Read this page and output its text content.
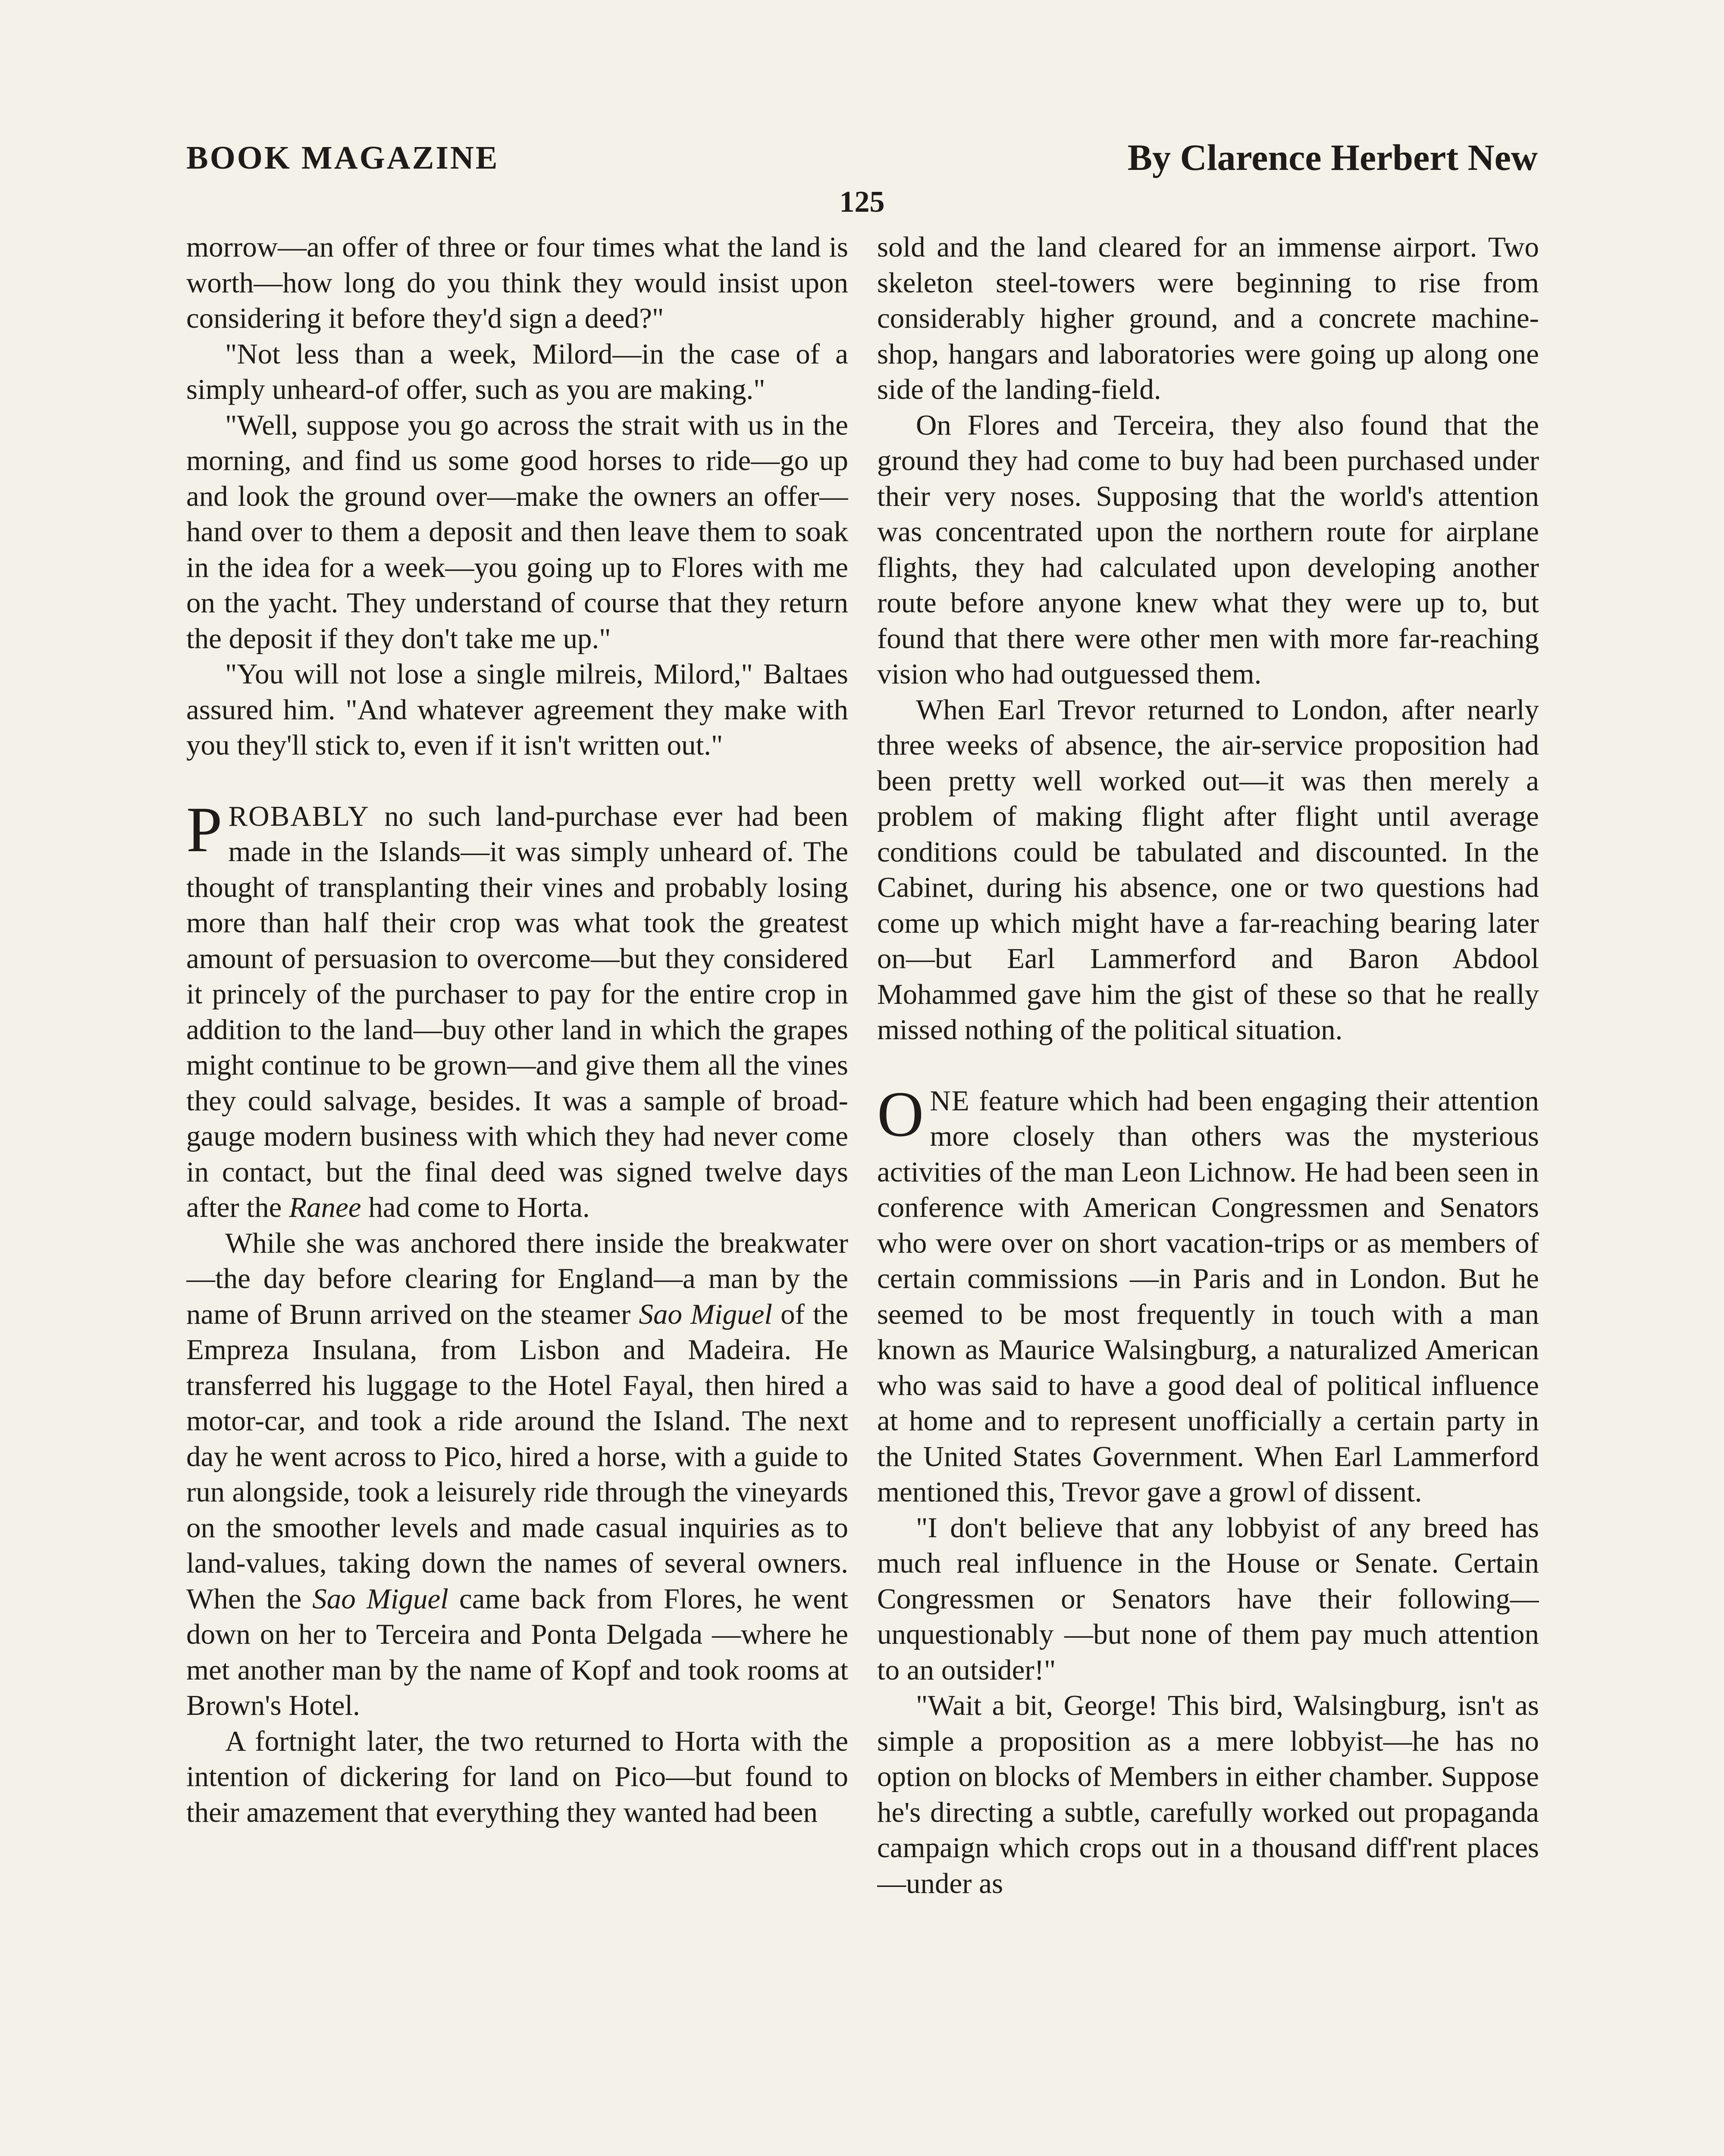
BOOK MAGAZINE	By Clarence Herbert New
125

morrow—an offer of three or four times what the land is worth—how long do you think they would insist upon considering it before they'd sign a deed?"

"Not less than a week, Milord—in the case of a simply unheard-of offer, such as you are making."

"Well, suppose you go across the strait with us in the morning, and find us some good horses to ride—go up and look the ground over—make the owners an offer—hand over to them a deposit and then leave them to soak in the idea for a week—you going up to Flores with me on the yacht. They understand of course that they return the deposit if they don't take me up."

"You will not lose a single milreis, Milord," Baltaes assured him. "And whatever agreement they make with you they'll stick to, even if it isn't written out."

PROBABLY no such land-purchase ever had been made in the Islands—it was simply unheard of. The thought of transplanting their vines and probably losing more than half their crop was what took the greatest amount of persuasion to overcome—but they considered it princely of the purchaser to pay for the entire crop in addition to the land—buy other land in which the grapes might continue to be grown—and give them all the vines they could salvage, besides. It was a sample of broad-gauge modern business with which they had never come in contact, but the final deed was signed twelve days after the Ranee had come to Horta.

While she was anchored there inside the breakwater—the day before clearing for England—a man by the name of Brunn arrived on the steamer Sao Miguel of the Empreza Insulana, from Lisbon and Madeira. He transferred his luggage to the Hotel Fayal, then hired a motor-car, and took a ride around the Island. The next day he went across to Pico, hired a horse, with a guide to run alongside, took a leisurely ride through the vineyards on the smoother levels and made casual inquiries as to land-values, taking down the names of several owners. When the Sao Miguel came back from Flores, he went down on her to Terceira and Ponta Delgada —where he met another man by the name of Kopf and took rooms at Brown's Hotel.

A fortnight later, the two returned to Horta with the intention of dickering for land on Pico—but found to their amazement that everything they wanted had been

sold and the land cleared for an immense airport. Two skeleton steel-towers were beginning to rise from considerably higher ground, and a concrete machine-shop, hangars and laboratories were going up along one side of the landing-field.

On Flores and Terceira, they also found that the ground they had come to buy had been purchased under their very noses. Supposing that the world's attention was concentrated upon the northern route for airplane flights, they had calculated upon developing another route before anyone knew what they were up to, but found that there were other men with more far-reaching vision who had outguessed them.

When Earl Trevor returned to London, after nearly three weeks of absence, the air-service proposition had been pretty well worked out—it was then merely a problem of making flight after flight until average conditions could be tabulated and discounted. In the Cabinet, during his absence, one or two questions had come up which might have a far-reaching bearing later on—but Earl Lammerford and Baron Abdool Mohammed gave him the gist of these so that he really missed nothing of the political situation.

ONE feature which had been engaging their attention more closely than others was the mysterious activities of the man Leon Lichnow. He had been seen in conference with American Congressmen and Senators who were over on short vacation-trips or as members of certain commissions —in Paris and in London. But he seemed to be most frequently in touch with a man known as Maurice Walsingburg, a naturalized American who was said to have a good deal of political influence at home and to represent unofficially a certain party in the United States Government. When Earl Lammerford mentioned this, Trevor gave a growl of dissent.

"I don't believe that any lobbyist of any breed has much real influence in the House or Senate. Certain Congressmen or Senators have their following—unquestionably —but none of them pay much attention to an outsider!"

"Wait a bit, George! This bird, Walsingburg, isn't as simple a proposition as a mere lobbyist—he has no option on blocks of Members in either chamber. Suppose he's directing a subtle, carefully worked out propaganda campaign which crops out in a thousand diff'rent places—under as
